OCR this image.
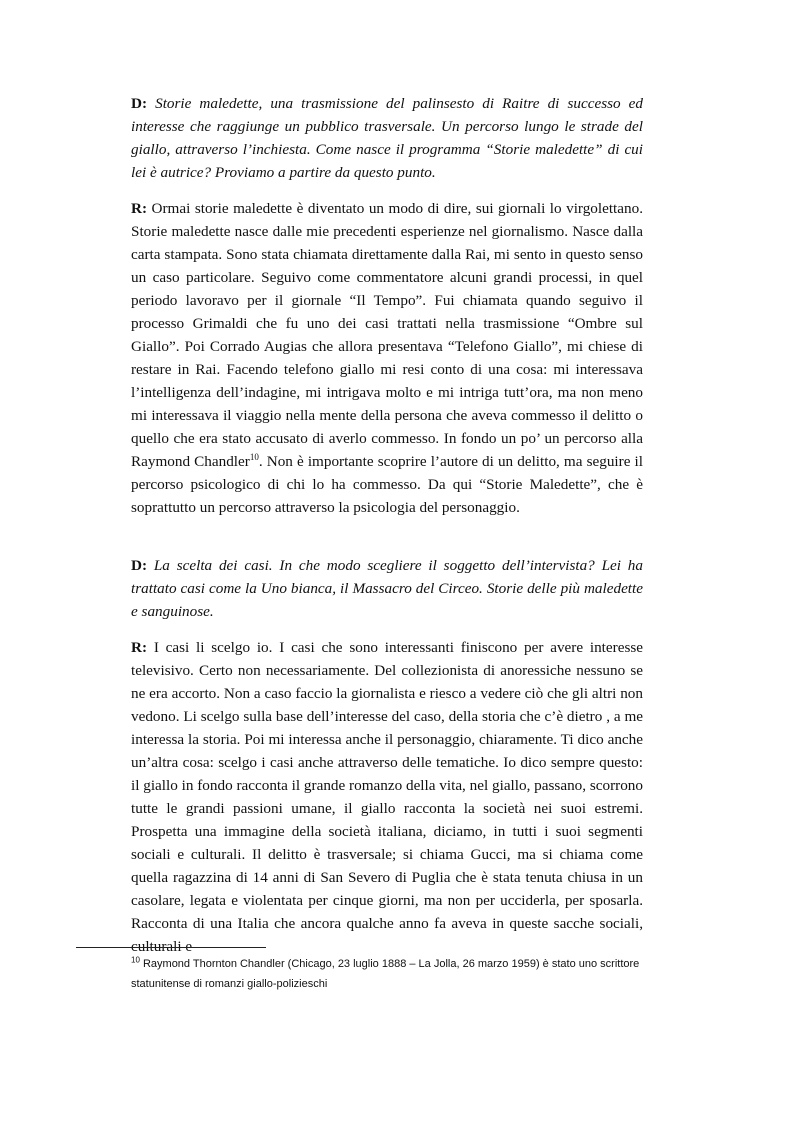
D: Storie maledette, una trasmissione del palinsesto di Raitre di successo ed interesse che raggiunge un pubblico trasversale. Un percorso lungo le strade del giallo, attraverso l’inchiesta. Come nasce il programma “Storie maledette” di cui lei è autrice? Proviamo a partire da questo punto.

R: Ormai storie maledette è diventato un modo di dire, sui giornali lo virgolettano. Storie maledette nasce dalle mie precedenti esperienze nel giornalismo. Nasce dalla carta stampata. Sono stata chiamata direttamente dalla Rai, mi sento in questo senso un caso particolare. Seguivo come commentatore alcuni grandi processi, in quel periodo lavoravo per il giornale “Il Tempo”. Fui chiamata quando seguivo il processo Grimaldi che fu uno dei casi trattati nella trasmissione “Ombre sul Giallo”. Poi Corrado Augias che allora presentava “Telefono Giallo”, mi chiese di restare in Rai. Facendo telefono giallo mi resi conto di una cosa: mi interessava l’intelligenza dell’indagine, mi intrigava molto e mi intriga tutt’ora, ma non meno mi interessava il viaggio nella mente della persona che aveva commesso il delitto o quello che era stato accusato di averlo commesso. In fondo un po’ un percorso alla Raymond Chandler$^{10}$. Non è importante scoprire l’autore di un delitto, ma seguire il percorso psicologico di chi lo ha commesso. Da qui “Storie Maledette”, che è soprattutto un percorso attraverso la psicologia del personaggio.

D: La scelta dei casi. In che modo scegliere il soggetto dell’intervista? Lei ha trattato casi come la Uno bianca, il Massacro del Circeo. Storie delle più maledette e sanguinose.

R: I casi li scelgo io. I casi che sono interessanti finiscono per avere interesse televisivo. Certo non necessariamente. Del collezionista di anoressiche nessuno se ne era accorto. Non a caso faccio la giornalista e riesco a vedere ciò che gli altri non vedono. Li scelgo sulla base dell’interesse del caso, della storia che c’è dietro , a me interessa la storia. Poi mi interessa anche il personaggio, chiaramente. Ti dico anche un’altra cosa: scelgo i casi anche attraverso delle tematiche. Io dico sempre questo: il giallo in fondo racconta il grande romanzo della vita, nel giallo, passano, scorrono tutte le grandi passioni umane, il giallo racconta la società nei suoi estremi. Prospetta una immagine della società italiana, diciamo, in tutti i suoi segmenti sociali e culturali. Il delitto è trasversale; si chiama Gucci, ma si chiama come quella ragazzina di 14 anni di San Severo di Puglia che è stata tenuta chiusa in un casolare, legata e violentata per cinque giorni, ma non per ucciderla, per sposarla. Racconta di una Italia che ancora qualche anno fa aveva in queste sacche sociali, culturali e

$^{10}$ Raymond Thornton Chandler (Chicago, 23 luglio 1888 – La Jolla, 26 marzo 1959) è stato uno scrittore statunitense di romanzi giallo-polizieschi
